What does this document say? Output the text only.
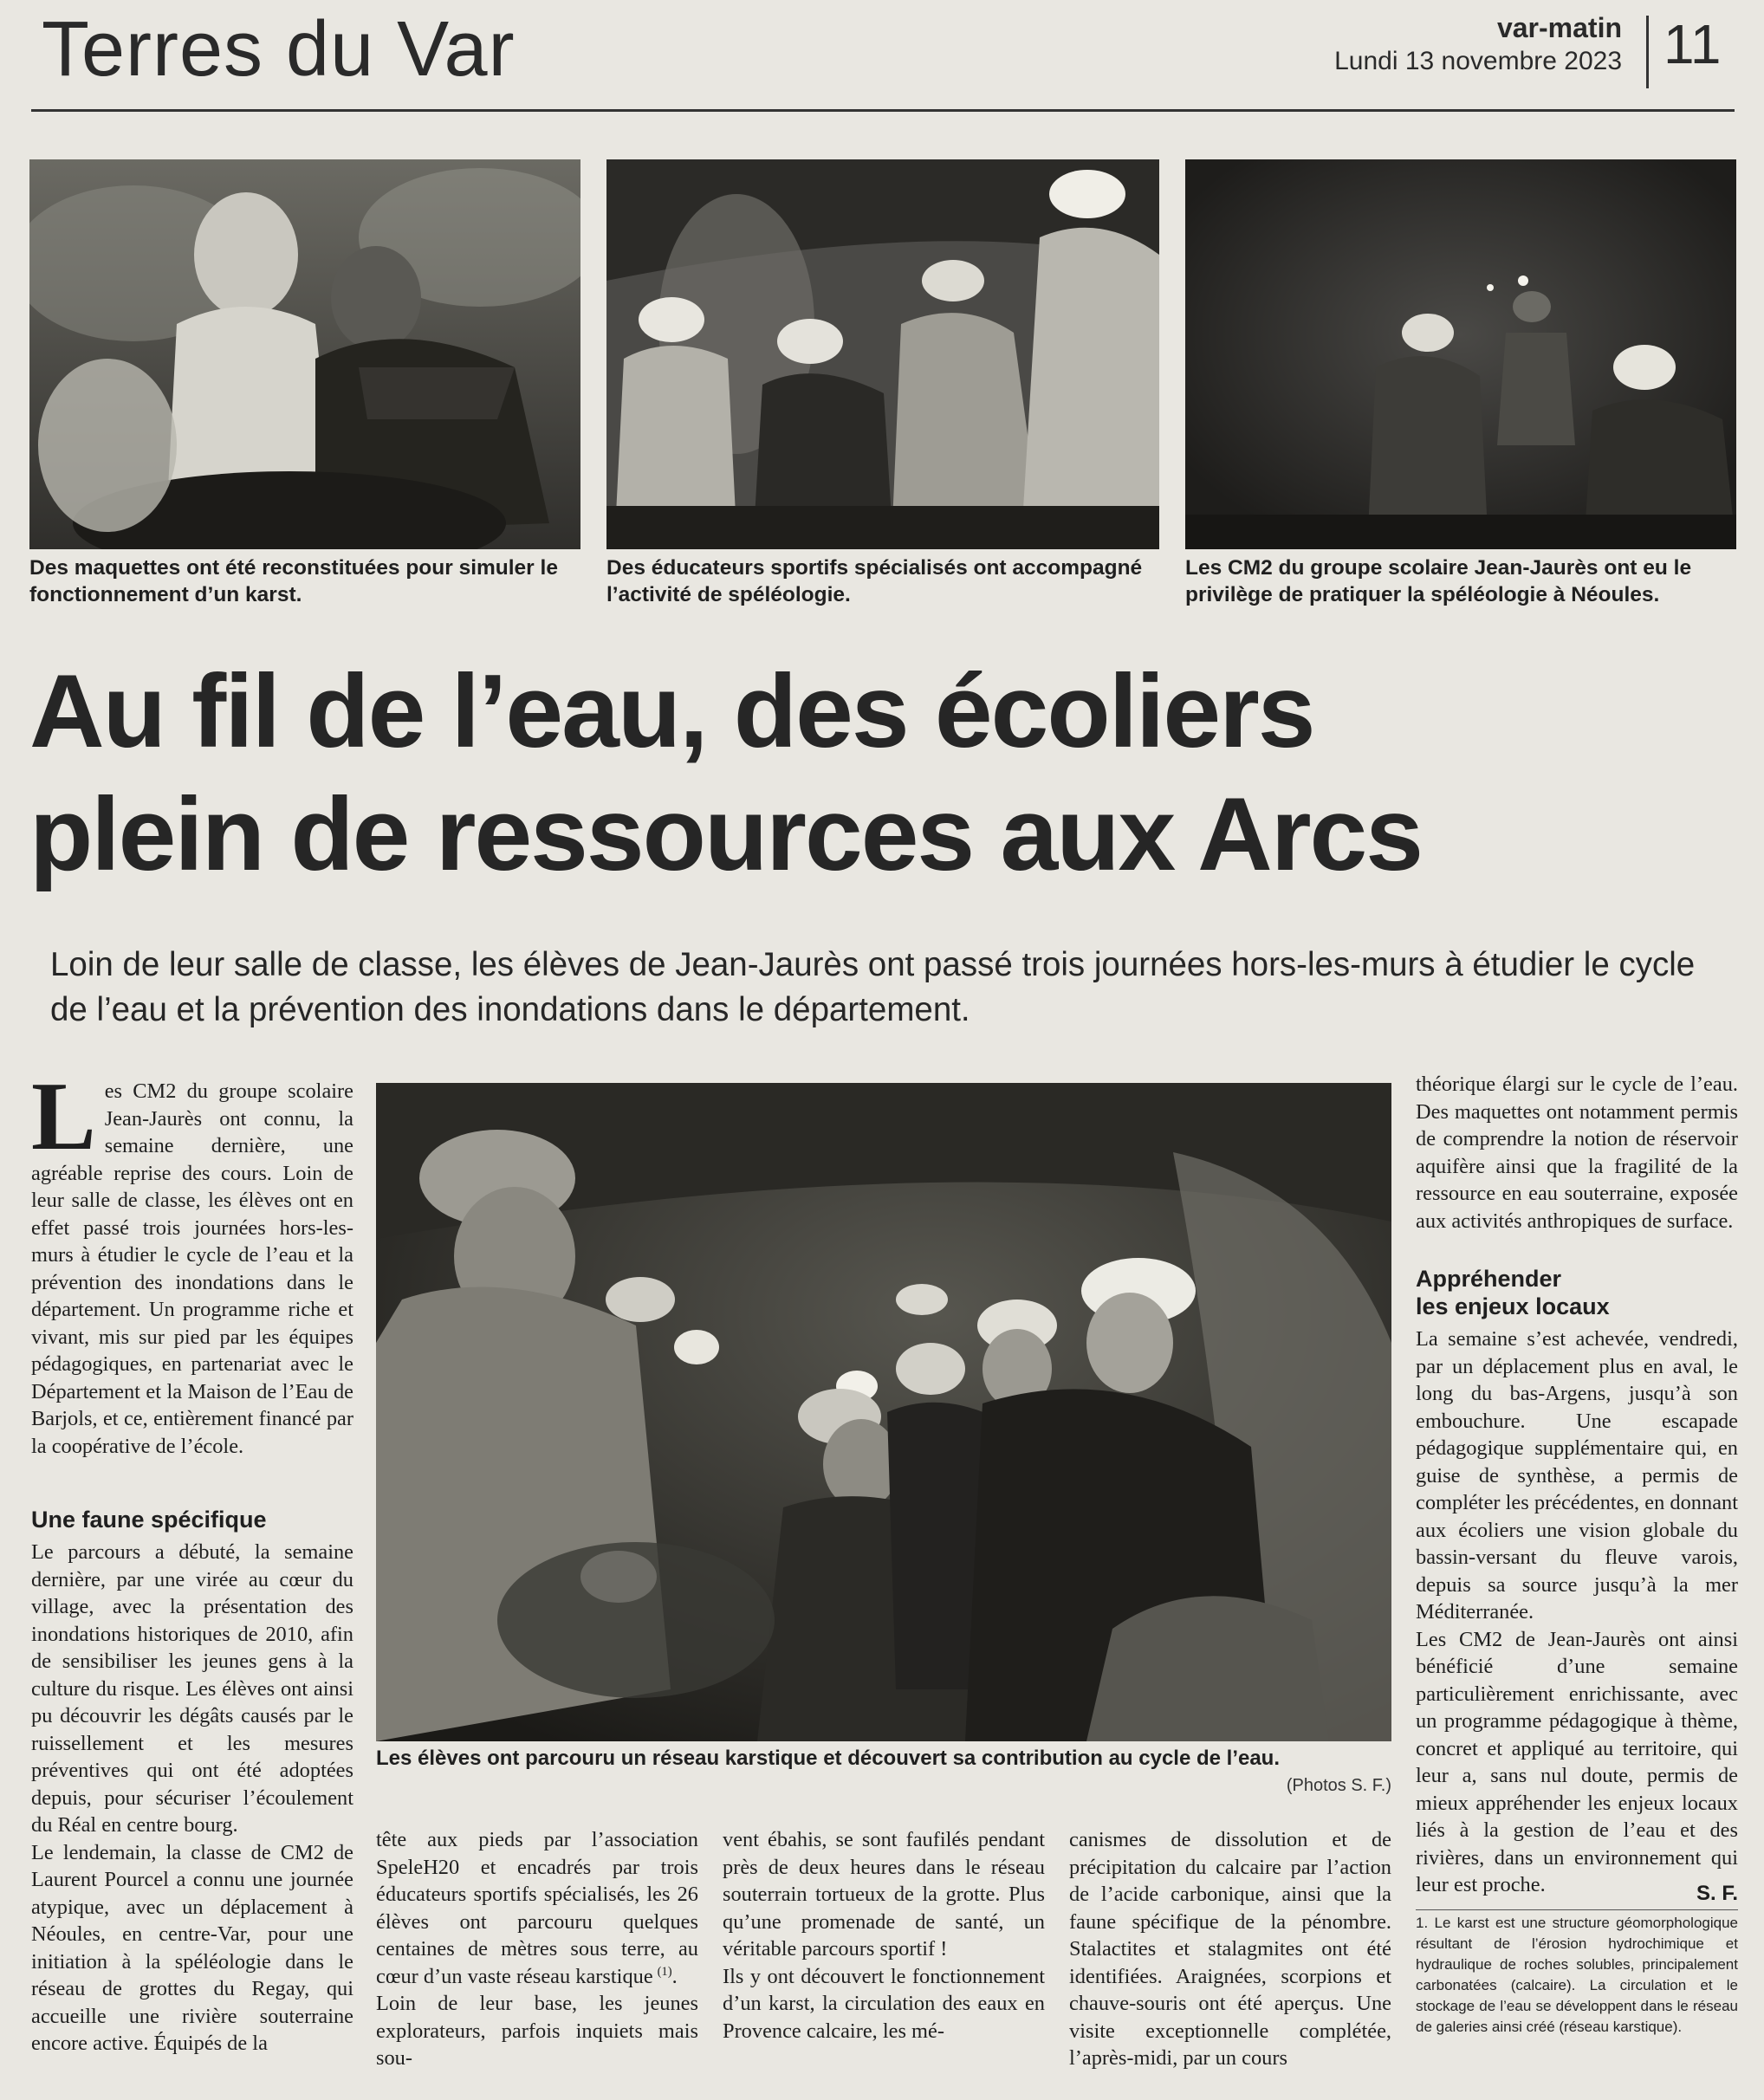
Terres du Var	var-matin
Lundi 13 novembre 2023 11
Des maquettes ont été reconstituées pour simuler le fonctionnement d’un karst.
Des éducateurs sportifs spécialisés ont accompagné l’activité de spéléologie.
Les CM2 du groupe scolaire Jean-Jaurès ont eu le privilège de pratiquer la spéléologie à Néoules.
Au fil de l’eau, des écoliers
plein de ressources aux Arcs
Loin de leur salle de classe, les élèves de Jean-Jaurès ont passé trois journées hors-les-murs à étudier le cycle de l’eau et la prévention des inondations dans le département.
L es CM2 du groupe scolaire Jean-Jaurès ont connu, la semaine dernière, une agréable reprise des cours. Loin de leur salle de classe, les élèves ont en effet passé trois journées hors-les-murs à étudier le cycle de l’eau et la prévention des inondations dans le département. Un programme riche et vivant, mis sur pied par les équipes pédagogiques, en partenariat avec le Département et la Maison de l’Eau de Barjols, et ce, entièrement financé par la coopérative de l’école.
Une faune spécifique

Le parcours a débuté, la semaine dernière, par une virée au cœur du village, avec la présentation des inondations historiques de 2010, afin de sensibiliser les jeunes gens à la culture du risque. Les élèves ont ainsi pu découvrir les dégâts causés par le ruissellement et les mesures préventives qui ont été adoptées depuis, pour sécuriser l’écoulement du Réal en centre bourg.

Le lendemain, la classe de CM2 de Laurent Pourcel a connu une journée atypique, avec un déplacement à Néoules, en centre-Var, pour une initiation à la spéléologie dans le réseau de grottes du Regay, qui accueille une rivière souterraine encore active. Équipés de la

Les élèves ont parcouru un réseau karstique et découvert sa contribution au cycle de l’eau.
(Photos S. F.)

tête aux pieds par l’association SpeleH20 et encadrés par trois éducateurs sportifs spécialisés, les 26 élèves ont parcouru quelques centaines de mètres sous terre, au cœur d’un vaste réseau karstique  $^{(1)}$.

Loin de leur base, les jeunes explorateurs, parfois inquiets mais sou-

vent ébahis, se sont faufilés pendant près de deux heures dans le réseau souterrain tortueux de la grotte. Plus qu’une promenade de santé, un véritable parcours sportif !

Ils y ont découvert le fonctionnement d’un karst, la circulation des eaux en Provence calcaire, les mé-

canismes de dissolution et de précipitation du calcaire par l’action de l’acide carbonique, ainsi que la faune spécifique de la pénombre. Stalactites et stalagmites ont été identifiées. Araignées, scorpions et chauve-souris ont été aperçus. Une visite exceptionnelle complétée, l’après-midi, par un cours

théorique élargi sur le cycle de l’eau. Des maquettes ont notamment permis de comprendre la notion de réservoir aquifère ainsi que la fragilité de la ressource en eau souterraine, exposée aux activités anthropiques de surface.

Appréhender
les enjeux locaux

La semaine s’est achevée, vendredi, par un déplacement plus en aval, le long du bas-Argens, jusqu’à son embouchure. Une escapade pédagogique supplémentaire qui, en guise de synthèse, a permis de compléter les précédentes, en donnant aux écoliers une vision globale du bassin-versant du fleuve varois, depuis sa source jusqu’à la mer Méditerranée.

Les CM2 de Jean-Jaurès ont ainsi bénéficié d’une semaine particulièrement enrichissante, avec un programme pédagogique à thème, concret et appliqué au territoire, qui leur a, sans nul doute, permis de mieux appréhender les enjeux locaux liés à la gestion de l’eau et des rivières, dans un environnement qui leur est proche.	S. F.
1. Le karst est une structure géomorphologique résultant de l’érosion hydrochimique et hydraulique de roches solubles, principalement carbonatées (calcaire). La circulation et le stockage de l’eau se développent dans le réseau de galeries ainsi créé (réseau karstique).
